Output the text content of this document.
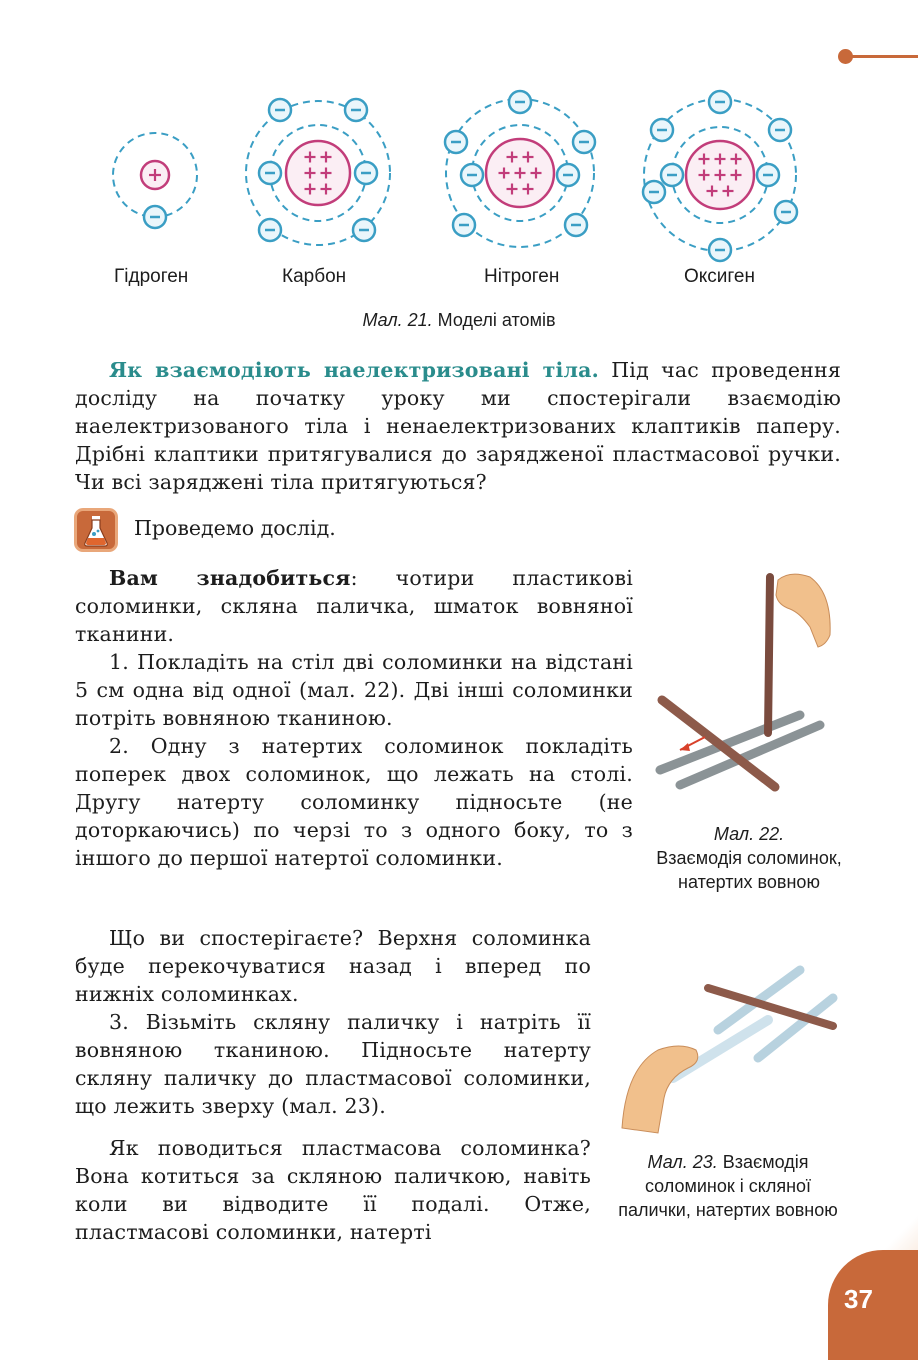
Гідроген	Карбон	Нітроген	Оксиген
Мал. 21. Моделі атомів

Як взаємодіють наелектризовані тіла. Під час проведення досліду на початку уроку ми спостерігали взаємодію наелектризованого тіла і ненаелектризованих клаптиків паперу. Дрібні клаптики притягувалися до зарядженої пластмасової ручки. Чи всі заряджені тіла притягуються?

Проведемо дослід.

Вам знадобиться: чотири пластикові соломинки, скляна паличка, шматок вовняної тканини.

1. Покладіть на стіл дві соломинки на відстані 5 см одна від одної (мал. 22). Дві інші соломинки потріть вовняною тканиною.

2. Одну з натертих соломинок покладіть поперек двох соломинок, що лежать на столі. Другу натерту соломинку підносьте (не доторкаючись) по черзі то з одного боку, то з іншого до першої натертої соломинки.

Що ви спостерігаєте? Верхня соломинка буде перекочуватися назад і вперед по нижніх соломинках.

3. Візьміть скляну паличку і натріть її вовняною тканиною. Підносьте натерту скляну паличку до пластмасової соломинки, що лежить зверху (мал. 23).

Як поводиться пластмасова соломинка? Вона котиться за скляною паличкою, навіть коли ви відводите її подалі. Отже, пластмасові соломинки, натерті

Мал. 22.
Взаємодія соломинок, натертих вовною
Мал. 23. Взаємодія соломинок і скляної палички, натертих вовною
37
